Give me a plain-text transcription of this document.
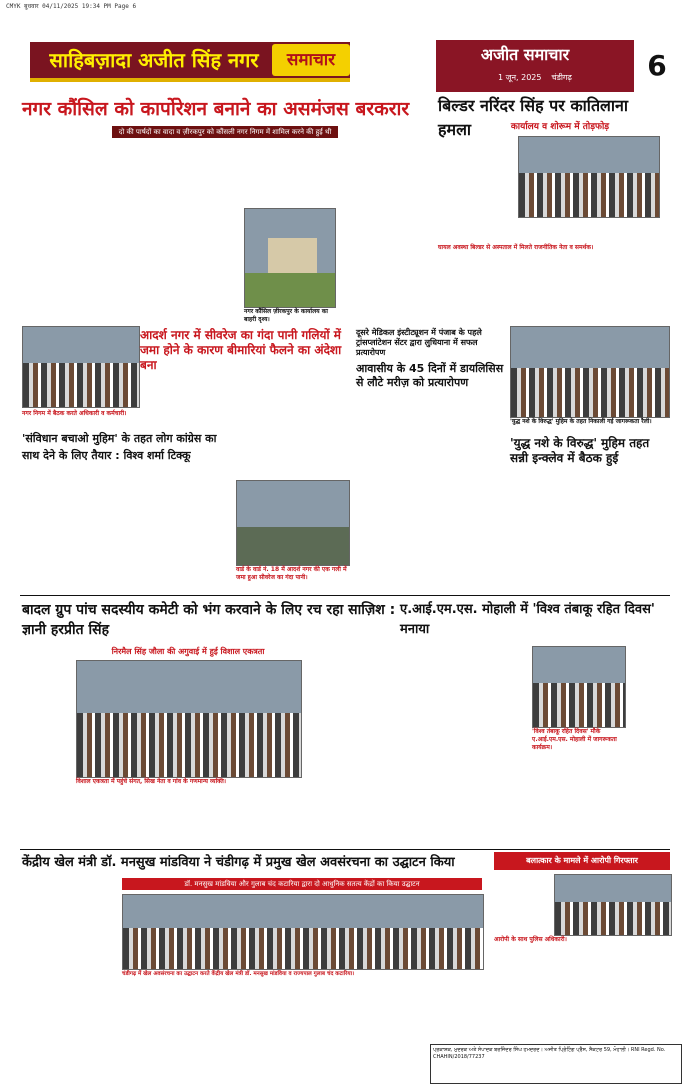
CMYK बुधवार 04/11/2025 19:34 PM Page 6
साहिबज़ादा अजीत सिंह नगर	समाचार	अजीत समाचार
1 जून, 2025 चंडीगढ़	6
नगर कौंसिल को कार्पोरेशन बनाने का असमंजस बरकरार
दो की पार्षदों का वादा व ज़ीरकपुर को कौंसली नगर निगम में शामिल करने की हुई थी घोषणा
नगर कौंसिल ज़ीरकपुर के कार्यालय का बाहरी दृश्य।
बिल्डर नरिंदर सिंह पर कातिलाना हमला	कार्यालय व शोरूम में तोड़फोड़
घायल अवस्था बिल्डर से अस्पताल में मिलते राजनीतिक नेता व समर्थक।
नगर निगम में बैठक करते अधिकारी व कर्मचारी।
'संविधान बचाओ मुहिम' के तहत लोग कांग्रेस का साथ देने के लिए तैयार : विश्व शर्मा टिक्कू
आदर्श नगर में सीवरेज का गंदा पानी गलियों में जमा होने के कारण बीमारियां फैलने का अंदेशा बना
वार्ड के वार्ड नं. 18 में आदर्श नगर की एक गली में जमा हुआ सीवरेज का गंदा पानी।
दूसरे मेडिकल इंस्टीट्यूशन में पंजाब के पहले ट्रांसप्लांटेशन सेंटर द्वारा लुधियाना में सफल प्रत्यारोपण
आवासीय के 45 दिनों में डायलिसिस से लौटे मरीज़ को प्रत्यारोपण
'युद्ध नशे के विरुद्ध' मुहिम के तहत निकाली गई जागरूकता रैली।
'युद्ध नशे के विरुद्ध' मुहिम तहत सन्नी इन्क्लेव में बैठक हुई
बादल ग्रुप पांच सदस्यीय कमेटी को भंग करवाने के लिए रच रहा साज़िश : ज्ञानी हरप्रीत सिंह
निरमैल सिंह जौला की अगुवाई में हुई विशाल एकत्रता
विशाल एकत्रता में पहुंचे संगत, सिख नेता व गांव के गणमान्य व्यक्ति।
ए.आई.एम.एस. मोहाली में 'विश्व तंबाकू रहित दिवस' मनाया
'विश्व तंबाकू रहित दिवस' मौके ए.आई.एम.एस. मोहाली में जागरूकता कार्यक्रम।
केंद्रीय खेल मंत्री डॉ. मनसुख मांडविया ने चंडीगढ़ में प्रमुख खेल अवसंरचना का उद्घाटन किया
डॉ. मनसुख मांडविया और गुलाब चंद कटारिया द्वारा दो आधुनिक सतत्य केंद्रों का किया उद्घाटन
चंडीगढ़ में खेल अवसंरचना का उद्घाटन करते केंद्रीय खेल मंत्री डॉ. मनसुख मांडविया व राज्यपाल गुलाब चंद कटारिया।
बलात्कार के मामले में आरोपी गिरफ्तार
आरोपी के साथ पुलिस अधिकारी।
ਪ੍ਰਕਾਸ਼ਕ, ਮੁਦਰਕ ਅਤੇ ਸੰਪਾਦਕ ਬਰਜਿੰਦਰ ਸਿੰਘ ਹਮਦਰਦ। ਅਜੀਤ ਪ੍ਰਿੰਟਿੰਗ ਪ੍ਰੈੱਸ, ਸੈਕਟਰ 59, ਮੋਹਾਲੀ। RNI Regd. No. CHAHIN/2018/77237
